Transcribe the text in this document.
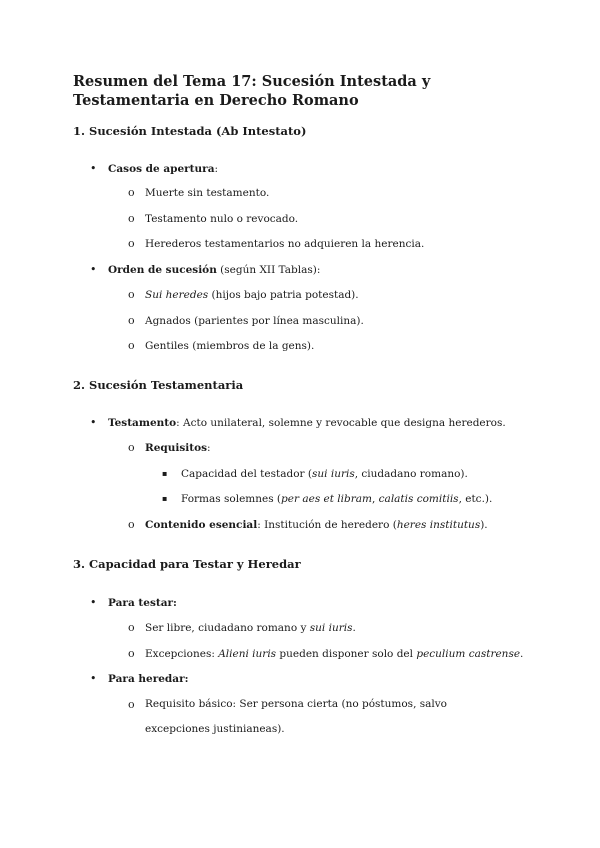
Resumen del Tema 17: Sucesión Intestada y Testamentaria en Derecho Romano
1. Sucesión Intestada (Ab Intestato)
• Casos de apertura:
o Muerte sin testamento.
o Testamento nulo o revocado.
o Herederos testamentarios no adquieren la herencia.
• Orden de sucesión (según XII Tablas):
o Sui heredes (hijos bajo patria potestad).
o Agnados (parientes por línea masculina).
o Gentiles (miembros de la gens).
2. Sucesión Testamentaria
• Testamento: Acto unilateral, solemne y revocable que designa herederos.
o Requisitos:
▪ Capacidad del testador (sui iuris, ciudadano romano).
▪ Formas solemnes (per aes et libram, calatis comitiis, etc.).
o Contenido esencial: Institución de heredero (heres institutus).
3. Capacidad para Testar y Heredar
• Para testar:
o Ser libre, ciudadano romano y sui iuris.
o Excepciones: Alieni iuris pueden disponer solo del peculium castrense.
• Para heredar:
o Requisito básico: Ser persona cierta (no póstumos, salvo excepciones justinianeas).
